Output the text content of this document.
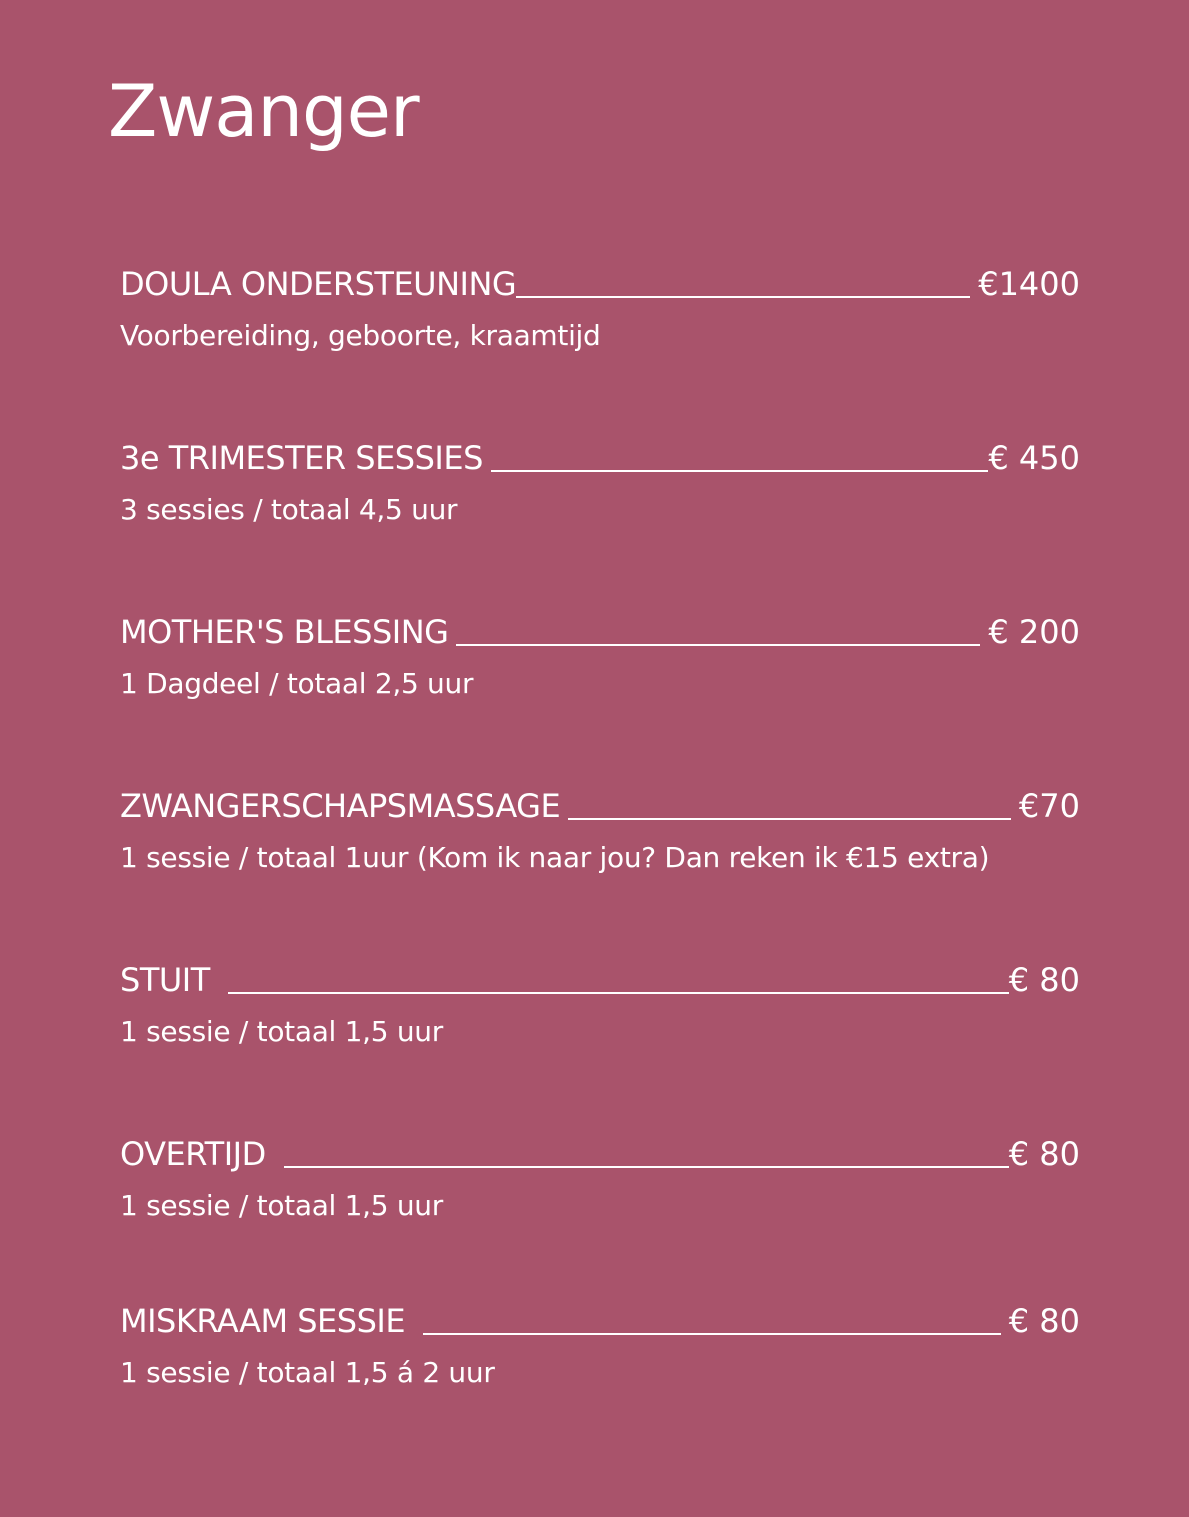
Zwanger
DOULA ONDERSTEUNING	€1400
Voorbereiding, geboorte, kraamtijd
3e TRIMESTER SESSIES	€ 450
3 sessies / totaal 4,5 uur
MOTHER'S BLESSING	€ 200
1 Dagdeel / totaal 2,5 uur
ZWANGERSCHAPSMASSAGE	€70
1 sessie / totaal 1uur (Kom ik naar jou? Dan reken ik €15 extra)
STUIT	€ 80
1 sessie / totaal 1,5 uur
OVERTIJD	€ 80
1 sessie / totaal 1,5 uur
MISKRAAM SESSIE	€ 80
1 sessie / totaal 1,5 á 2 uur
